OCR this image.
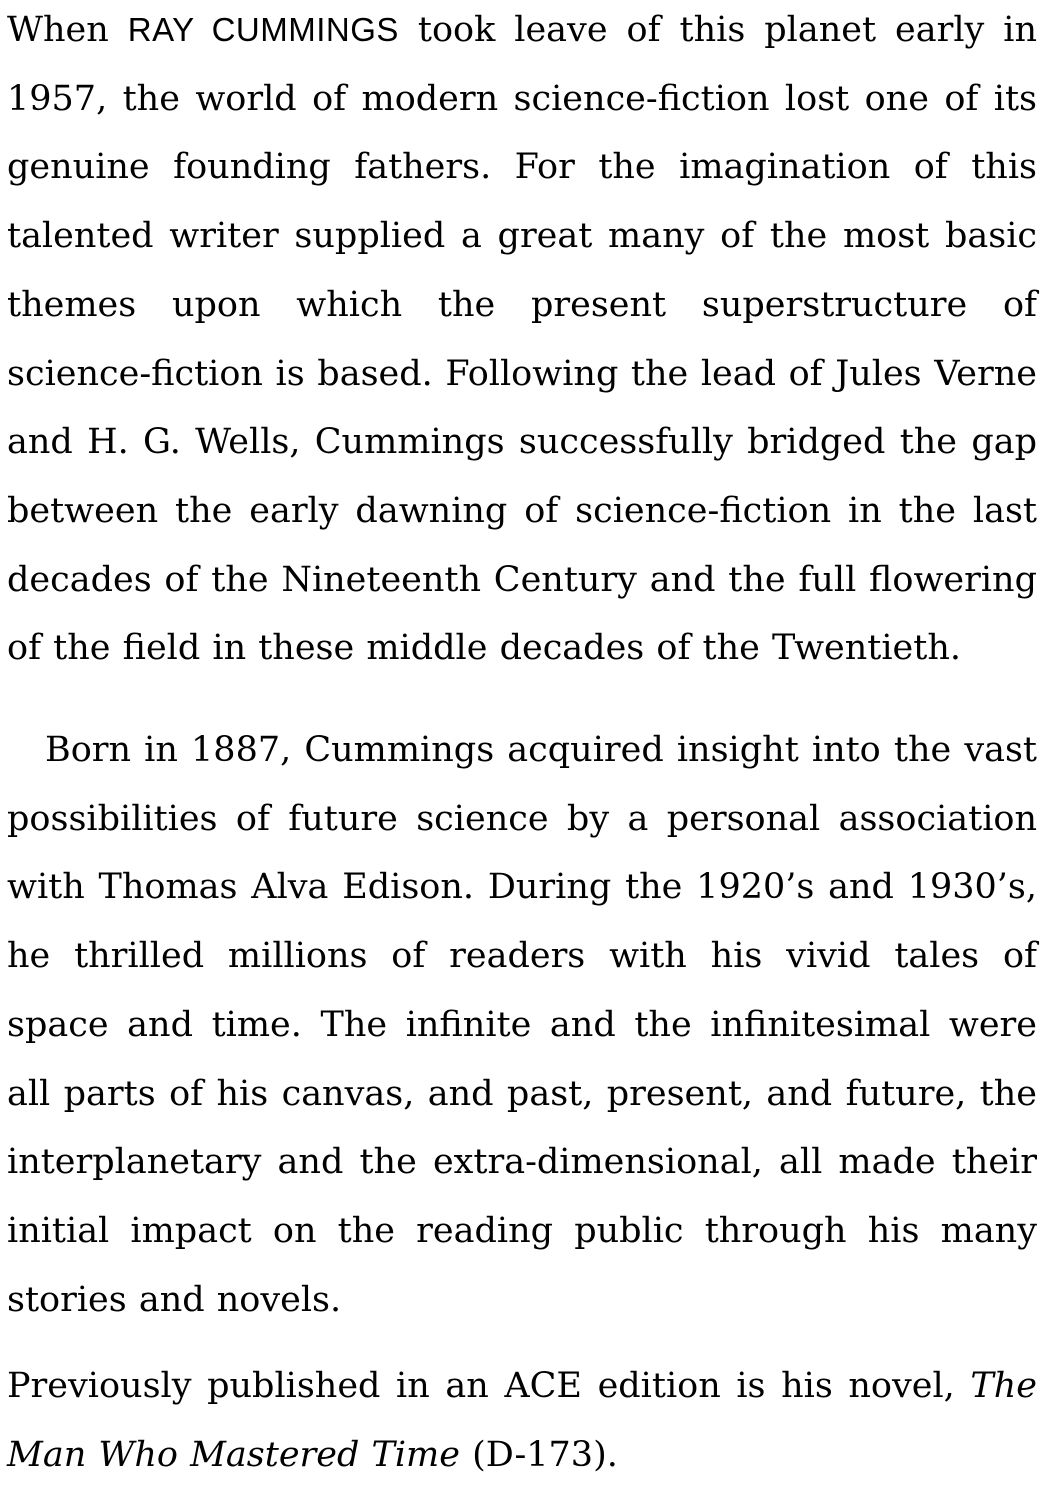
When RAY CUMMINGS took leave of this planet early in 1957, the world of modern science-fiction lost one of its genuine founding fathers. For the imagination of this talented writer supplied a great many of the most basic themes upon which the present superstructure of science-fiction is based. Following the lead of Jules Verne and H. G. Wells, Cummings successfully bridged the gap between the early dawning of science-fiction in the last decades of the Nineteenth Century and the full flowering of the field in these middle decades of the Twentieth.

Born in 1887, Cummings acquired insight into the vast possibilities of future science by a personal association with Thomas Alva Edison. During the 1920’s and 1930’s, he thrilled millions of readers with his vivid tales of space and time. The infinite and the infinitesimal were all parts of his canvas, and past, present, and future, the interplanetary and the extra-dimensional, all made their initial impact on the reading public through his many stories and novels.

Previously published in an ACE edition is his novel, The Man Who Mastered Time (D-173).
